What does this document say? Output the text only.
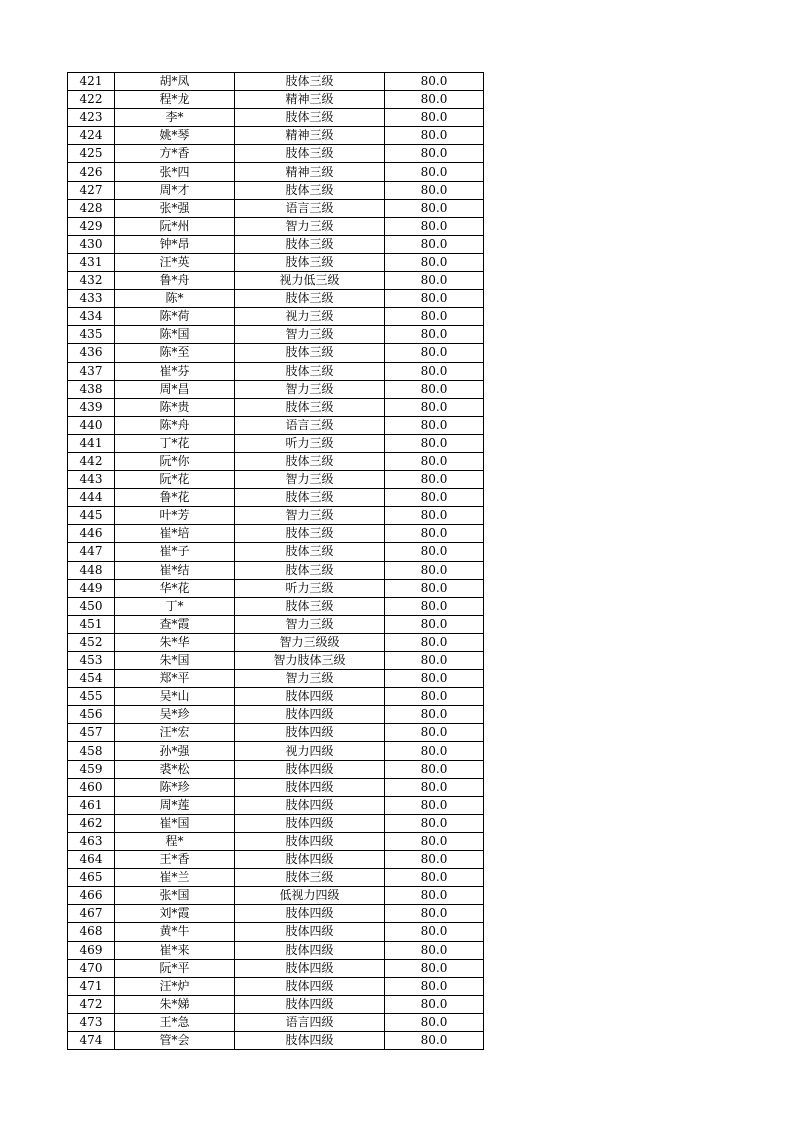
421	胡*凤	肢体三级	80.0
422	程*龙	精神三级	80.0
423	李*	肢体三级	80.0
424	姚*琴	精神三级	80.0
425	方*香	肢体三级	80.0
426	张*四	精神三级	80.0
427	周*才	肢体三级	80.0
428	张*强	语言三级	80.0
429	阮*州	智力三级	80.0
430	钟*昂	肢体三级	80.0
431	汪*英	肢体三级	80.0
432	鲁*舟	视力低三级	80.0
433	陈*	肢体三级	80.0
434	陈*荷	视力三级	80.0
435	陈*国	智力三级	80.0
436	陈*至	肢体三级	80.0
437	崔*芬	肢体三级	80.0
438	周*昌	智力三级	80.0
439	陈*贵	肢体三级	80.0
440	陈*舟	语言三级	80.0
441	丁*花	听力三级	80.0
442	阮*你	肢体三级	80.0
443	阮*花	智力三级	80.0
444	鲁*花	肢体三级	80.0
445	叶*芳	智力三级	80.0
446	崔*培	肢体三级	80.0
447	崔*子	肢体三级	80.0
448	崔*结	肢体三级	80.0
449	华*花	听力三级	80.0
450	丁*	肢体三级	80.0
451	查*霞	智力三级	80.0
452	朱*华	智力三级级	80.0
453	朱*国	智力肢体三级	80.0
454	郑*平	智力三级	80.0
455	吴*山	肢体四级	80.0
456	吴*珍	肢体四级	80.0
457	汪*宏	肢体四级	80.0
458	孙*强	视力四级	80.0
459	裘*松	肢体四级	80.0
460	陈*珍	肢体四级	80.0
461	周*莲	肢体四级	80.0
462	崔*国	肢体四级	80.0
463	程*	肢体四级	80.0
464	王*香	肢体四级	80.0
465	崔*兰	肢体三级	80.0
466	张*国	低视力四级	80.0
467	刘*霞	肢体四级	80.0
468	黄*牛	肢体四级	80.0
469	崔*来	肢体四级	80.0
470	阮*平	肢体四级	80.0
471	汪*炉	肢体四级	80.0
472	朱*娣	肢体四级	80.0
473	王*急	语言四级	80.0
474	管*会	肢体四级	80.0
